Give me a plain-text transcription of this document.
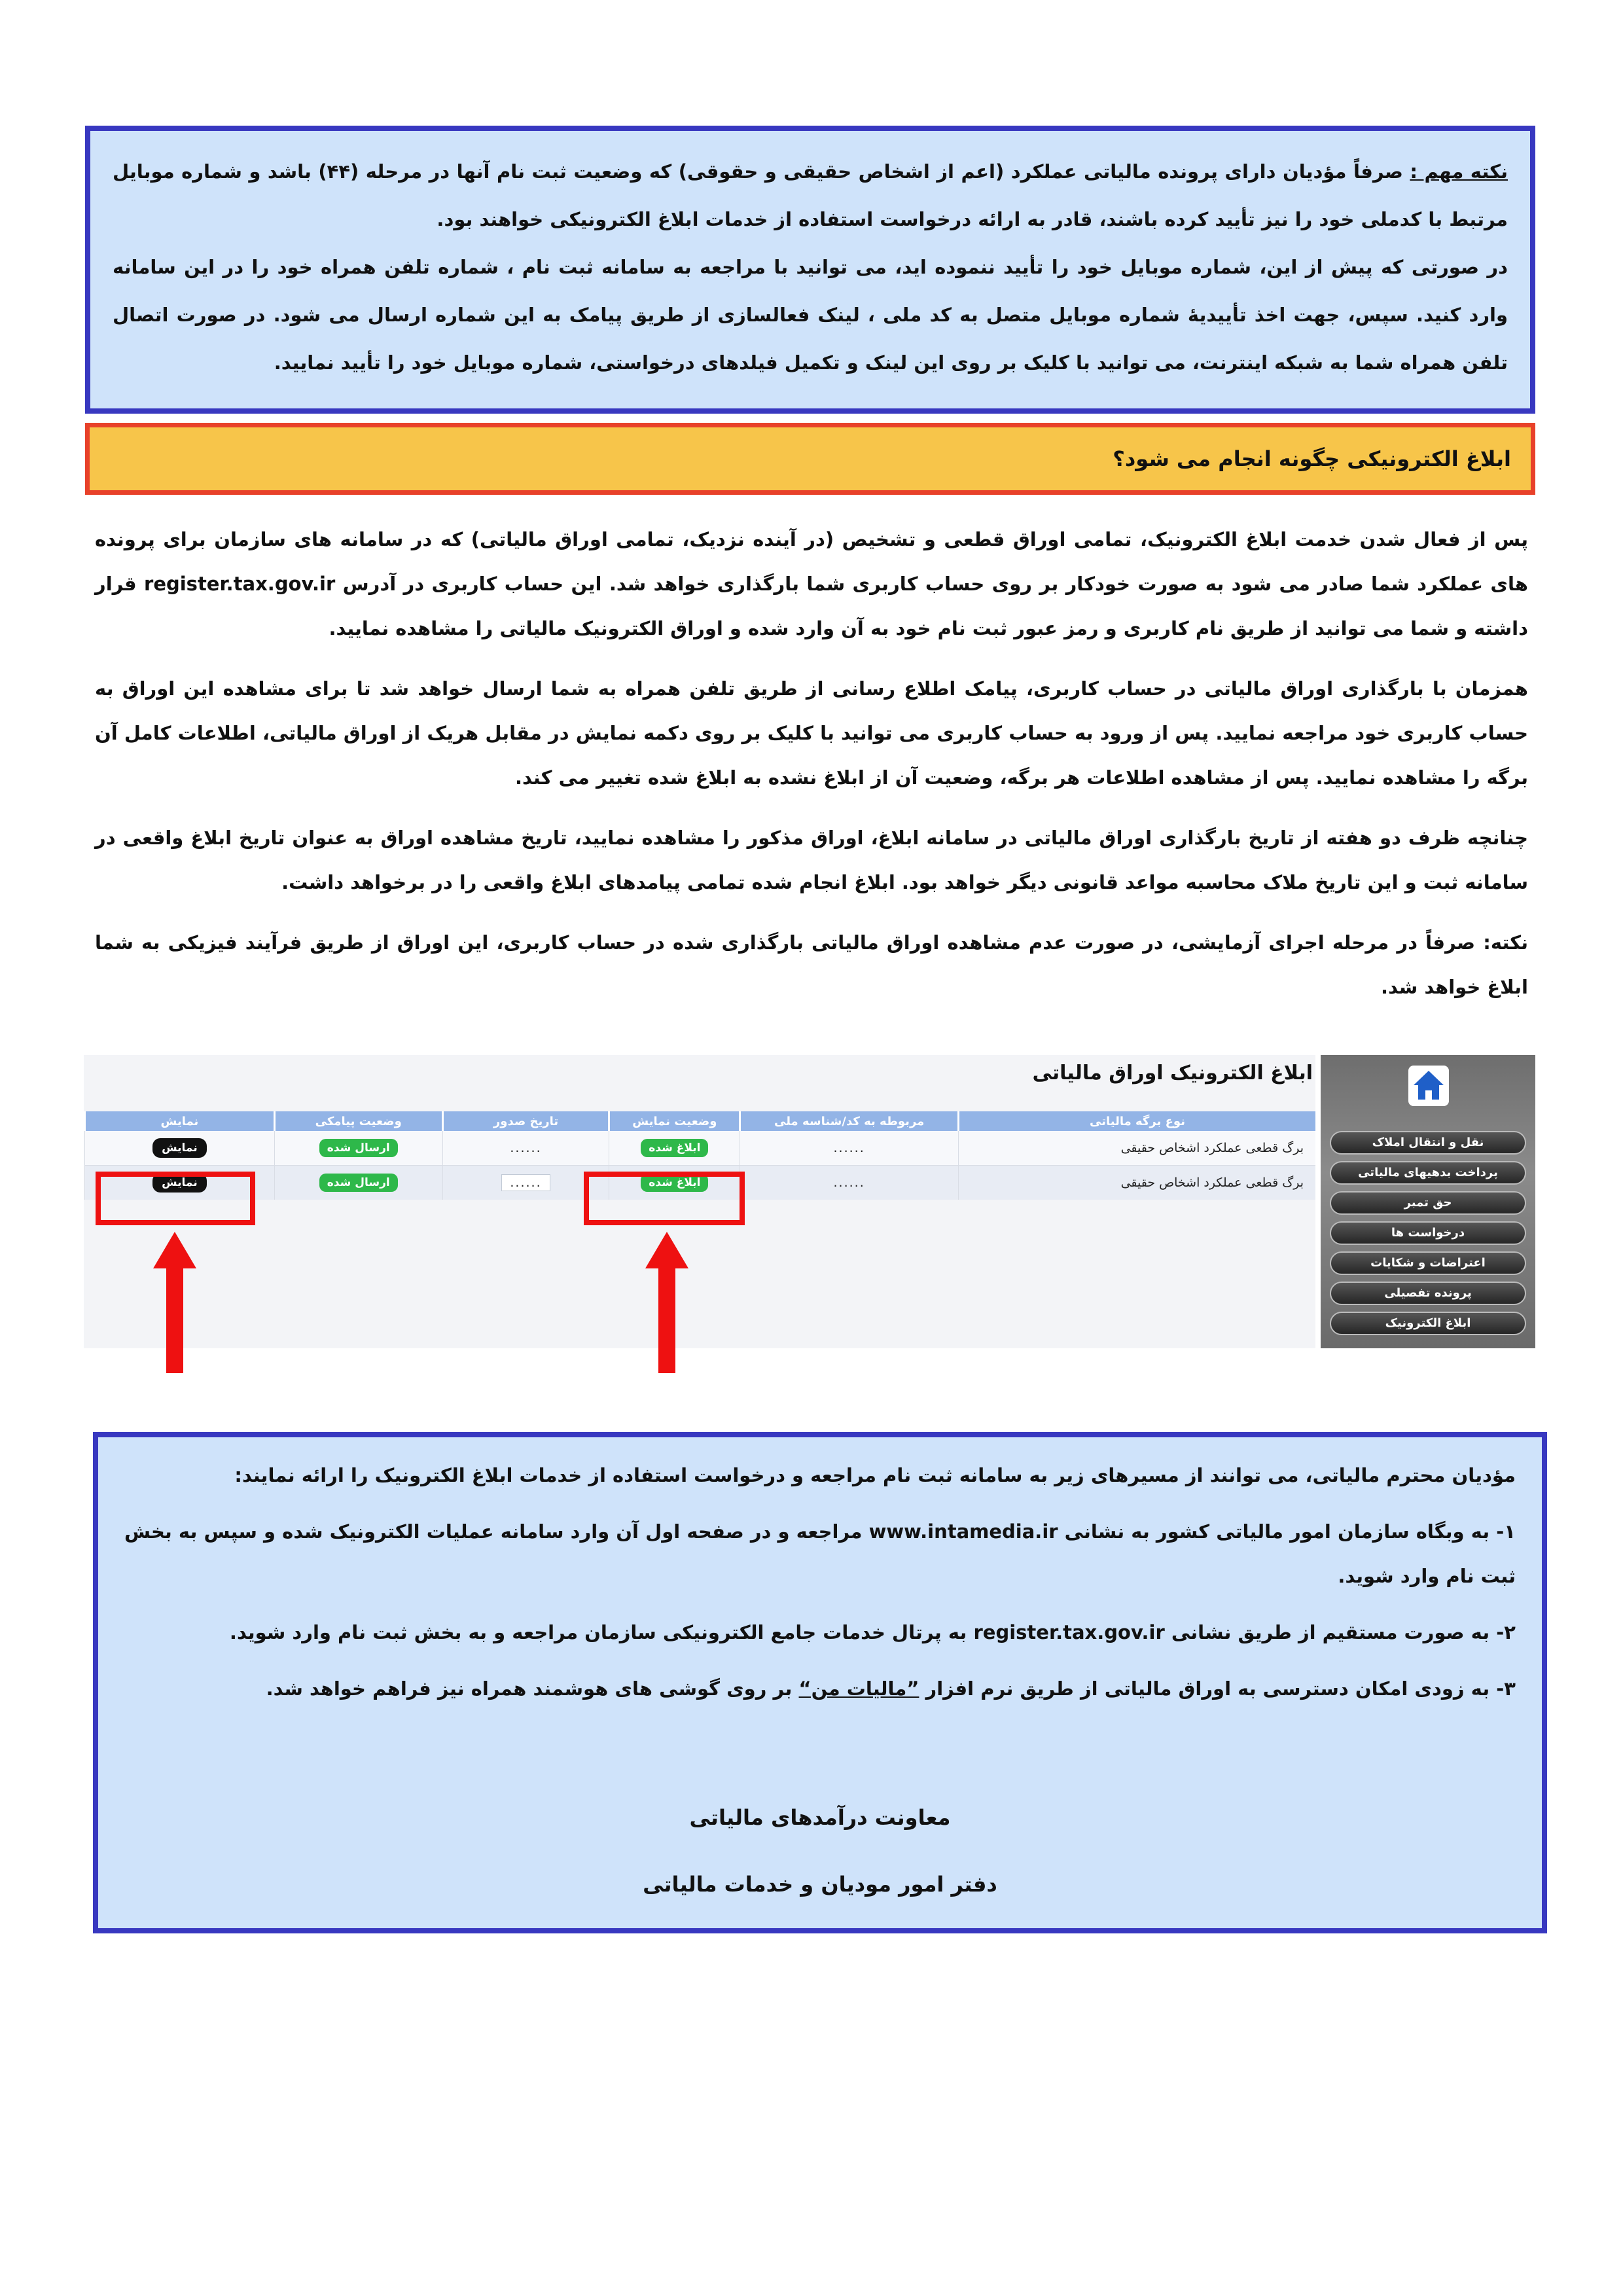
نکته مهم : صرفاً مؤدیان دارای پرونده مالیاتی عملکرد (اعم از اشخاص حقیقی و حقوقی) که وضعیت ثبت نام آنها در مرحله (۴۴) باشد و شماره موبایل مرتبط با کدملی خود را نیز تأیید کرده باشند، قادر به ارائه درخواست استفاده از خدمات ابلاغ الکترونیکی خواهند بود.

در صورتی که پیش از این، شماره موبایل خود را تأیید ننموده اید، می توانید با مراجعه به سامانه ثبت نام ، شماره تلفن همراه خود را در این سامانه وارد کنید. سپس، جهت اخذ تأییدیهٔ شماره موبایل متصل به کد ملی ، لینک فعالسازی از طریق پیامک به این شماره ارسال می شود. در صورت اتصال تلفن همراه شما به شبکه اینترنت، می توانید با کلیک بر روی این لینک و تکمیل فیلدهای درخواستی، شماره موبایل خود را تأیید نمایید.

ابلاغ الکترونیکی چگونه انجام می شود؟

پس از فعال شدن خدمت ابلاغ الکترونیک، تمامی اوراق قطعی و تشخیص (در آینده نزدیک، تمامی اوراق مالیاتی) که در سامانه های سازمان برای پرونده های عملکرد شما صادر می شود به صورت خودکار بر روی حساب کاربری شما بارگذاری خواهد شد. این حساب کاربری در آدرس register.tax.gov.ir قرار داشته و شما می توانید از طریق نام کاربری و رمز عبور ثبت نام خود به آن وارد شده و اوراق الکترونیک مالیاتی را مشاهده نمایید.

همزمان با بارگذاری اوراق مالیاتی در حساب کاربری، پیامک اطلاع رسانی از طریق تلفن همراه به شما ارسال خواهد شد تا برای مشاهده این اوراق به حساب کاربری خود مراجعه نمایید. پس از ورود به حساب کاربری می توانید با کلیک بر روی دکمه نمایش در مقابل هریک از اوراق مالیاتی، اطلاعات کامل آن برگه را مشاهده نمایید. پس از مشاهده اطلاعات هر برگه، وضعیت آن از ابلاغ نشده به ابلاغ شده تغییر می کند.

چنانچه ظرف دو هفته از تاریخ بارگذاری اوراق مالیاتی در سامانه ابلاغ، اوراق مذکور را مشاهده نمایید، تاریخ مشاهده اوراق به عنوان تاریخ ابلاغ واقعی در سامانه ثبت و این تاریخ ملاک محاسبه مواعد قانونی دیگر خواهد بود. ابلاغ انجام شده تمامی پیامدهای ابلاغ واقعی را در برخواهد داشت.

نکته: صرفاً در مرحله اجرای آزمایشی، در صورت عدم مشاهده اوراق مالیاتی بارگذاری شده در حساب کاربری، این اوراق از طریق فرآیند فیزیکی به شما ابلاغ خواهد شد.

ابلاغ الکترونیک اوراق مالیاتی
نوع برگه مالیاتی	مربوطه به کد/شناسه ملی	وضعیت نمایش	تاریخ صدور	وضعیت پیامکی	نمایش
برگ قطعی عملکرد اشخاص حقیقی	......	ابلاغ شده	......	ارسال شده	نمایش
برگ قطعی عملکرد اشخاص حقیقی	......	ابلاغ شده	......	ارسال شده	نمایش
نقل و انتقال املاک
پرداخت بدهیهای مالیاتی
حق تمبر
درخواست ها
اعتراضات و شکایات
پرونده تفصیلی
ابلاغ الکترونیک

مؤدیان محترم مالیاتی، می توانند از مسیرهای زیر به سامانه ثبت نام مراجعه و درخواست استفاده از خدمات ابلاغ الکترونیک را ارائه نمایند:

۱- به وبگاه سازمان امور مالیاتی کشور به نشانی www.intamedia.ir مراجعه و در صفحه اول آن وارد سامانه عملیات الکترونیک شده و سپس به بخش ثبت نام وارد شوید.

۲- به صورت مستقیم از طریق نشانی register.tax.gov.ir به پرتال خدمات جامع الکترونیکی سازمان مراجعه و به بخش ثبت نام وارد شوید.

۳- به زودی امکان دسترسی به اوراق مالیاتی از طریق نرم افزار ”مالیات من“ بر روی گوشی های هوشمند همراه نیز فراهم خواهد شد.

معاونت درآمدهای مالیاتی
دفتر امور مودیان و خدمات مالیاتی
